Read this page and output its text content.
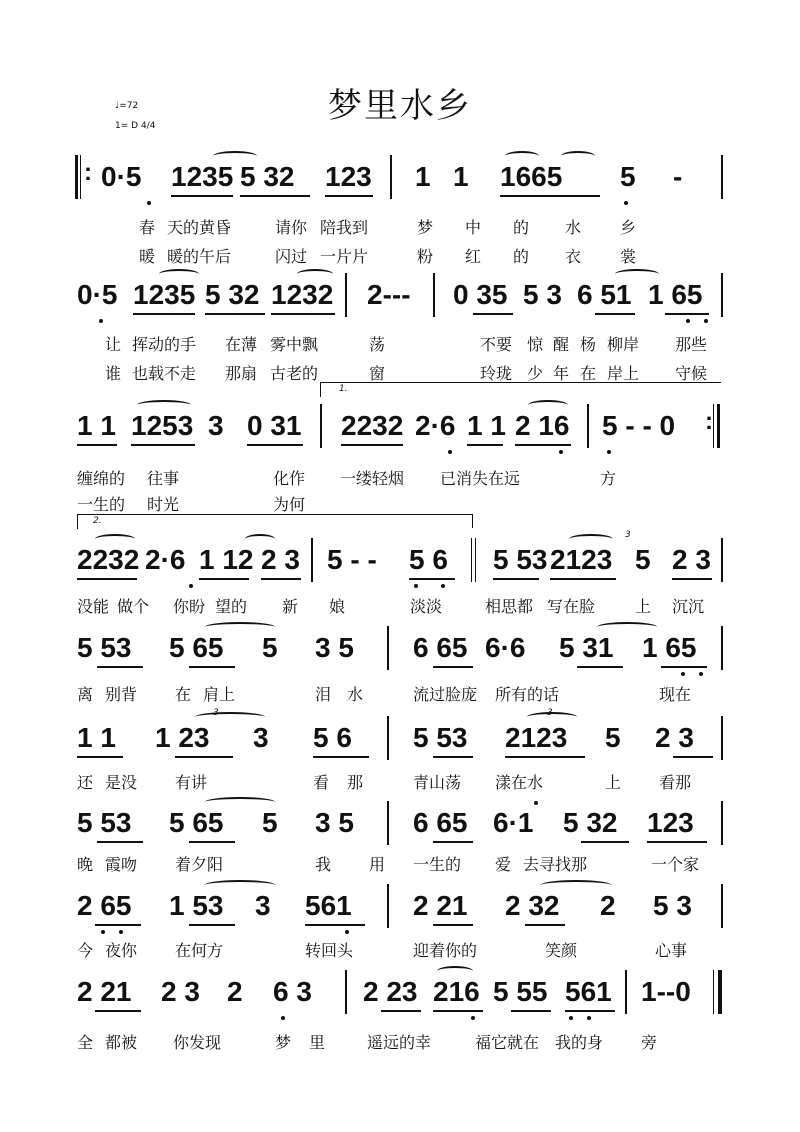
梦里水乡
♩=72
1= D 4/4
: 0·5 1235 5 32 123 1 1 1665 5 -
春 天的黄昏	请你 陪我到	梦 中 的 水 乡
暖 暖的午后	闪过 一片片	粉 红 的 衣 裳
0·5 1235 5 32 1232 2--- 0 35 5 3 6 51 1 65
让 挥动的手 在薄 雾中飘	荡	不要 惊 醒 杨 柳岸 那些
谁 也载不走 那扇 古老的	窗	玲珑 少 年 在 岸上 守候
1.
1 1 1253 3 0 31 2232 2·6 1 1 2 16 5 - - 0 :
缠绵的 往事	化作 一缕轻烟 已消失在远	方
一生的 时光	为何
2.
2232 2·6 1 12 2 3 5 - - 5 6 5 53 2123 5 2 3
3
没能 做个 你盼 望的 新 娘	淡淡	相思都 写在脸 上 沉沉
5 53 5 65 5 3 5 6 65 6·6 5 31 1 65
离 别背 在 肩上	泪 水	流过脸庞 所有的话	现在
1 1 1 23 3 5 6 5 53 2123 5 2 3
3	3
还 是没 有讲	看 那	青山荡 漾在水	上 看那
5 53 5 65 5 3 5 6 65 6·1 5 32 123
晚 霞吻 着夕阳	我 用 一生的 爱 去寻找那	一个家
2 65 1 53 3 561 2 21 2 32 2 5 3
今 夜你 在何方	转回头	迎着你的	笑颜	心事
2 21 2 3 2 6 3 2 23 216 5 55 561 1--0
全 都被 你发现	梦 里	遥远的幸	福它就在 我的身 旁
